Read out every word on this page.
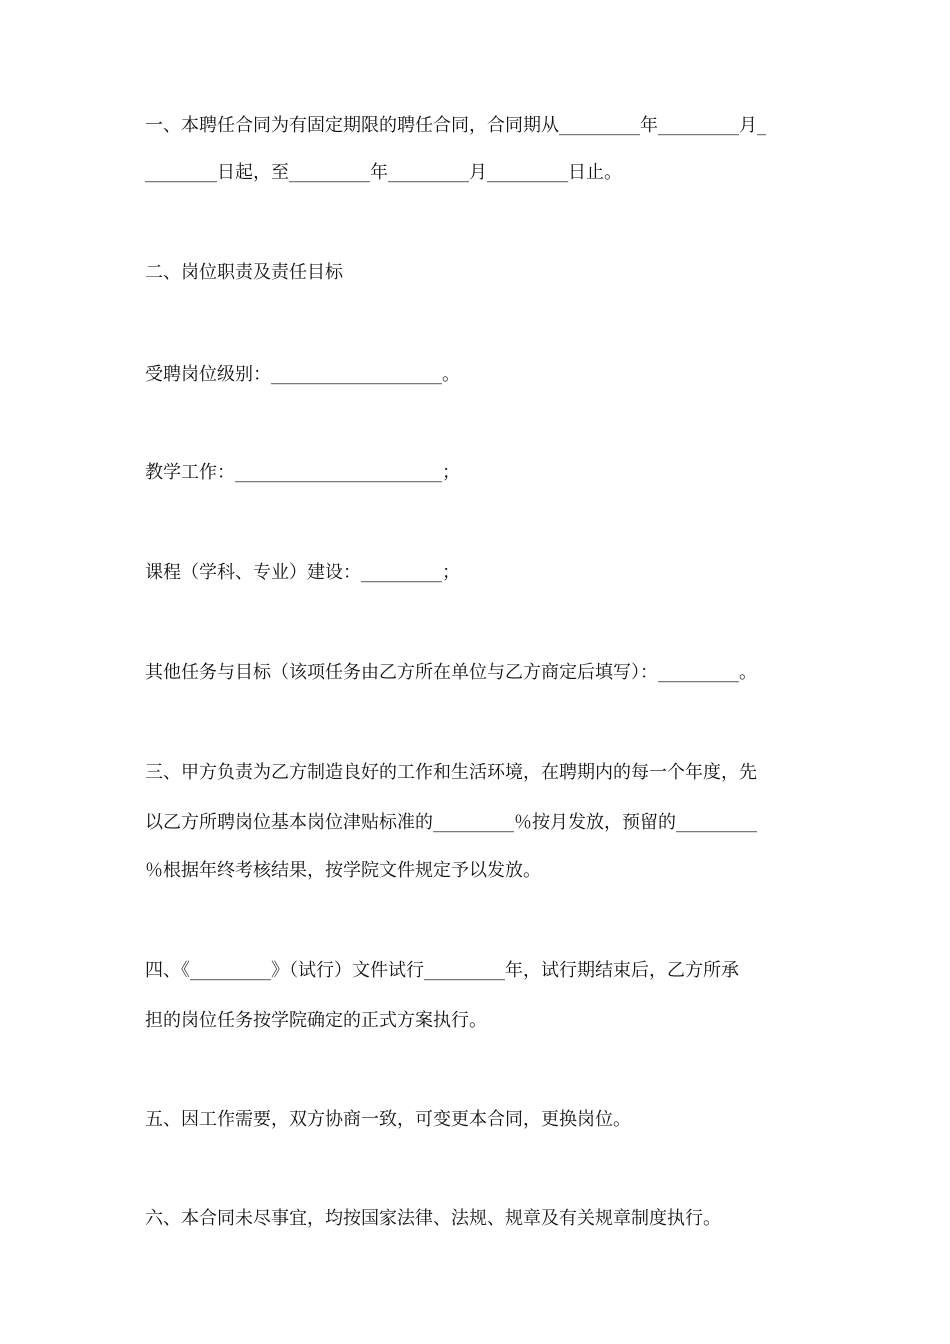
一、本聘任合同为有固定期限的聘任合同，合同期从_________年_________月_
________日起，至_________年_________月_________日止。
二、岗位职责及责任目标
受聘岗位级别：___________________。
教学工作：_______________________；
课程（学科、专业）建设：_________；
其他任务与目标（该项任务由乙方所在单位与乙方商定后填写）：_________。
三、甲方负责为乙方制造良好的工作和生活环境，在聘期内的每一个年度，先
以乙方所聘岗位基本岗位津贴标准的_________％按月发放，预留的_________
％根据年终考核结果，按学院文件规定予以发放。
四、《_________》（试行）文件试行_________年，试行期结束后，乙方所承
担的岗位任务按学院确定的正式方案执行。
五、因工作需要，双方协商一致，可变更本合同，更换岗位。
六、本合同未尽事宜，均按国家法律、法规、规章及有关规章制度执行。
